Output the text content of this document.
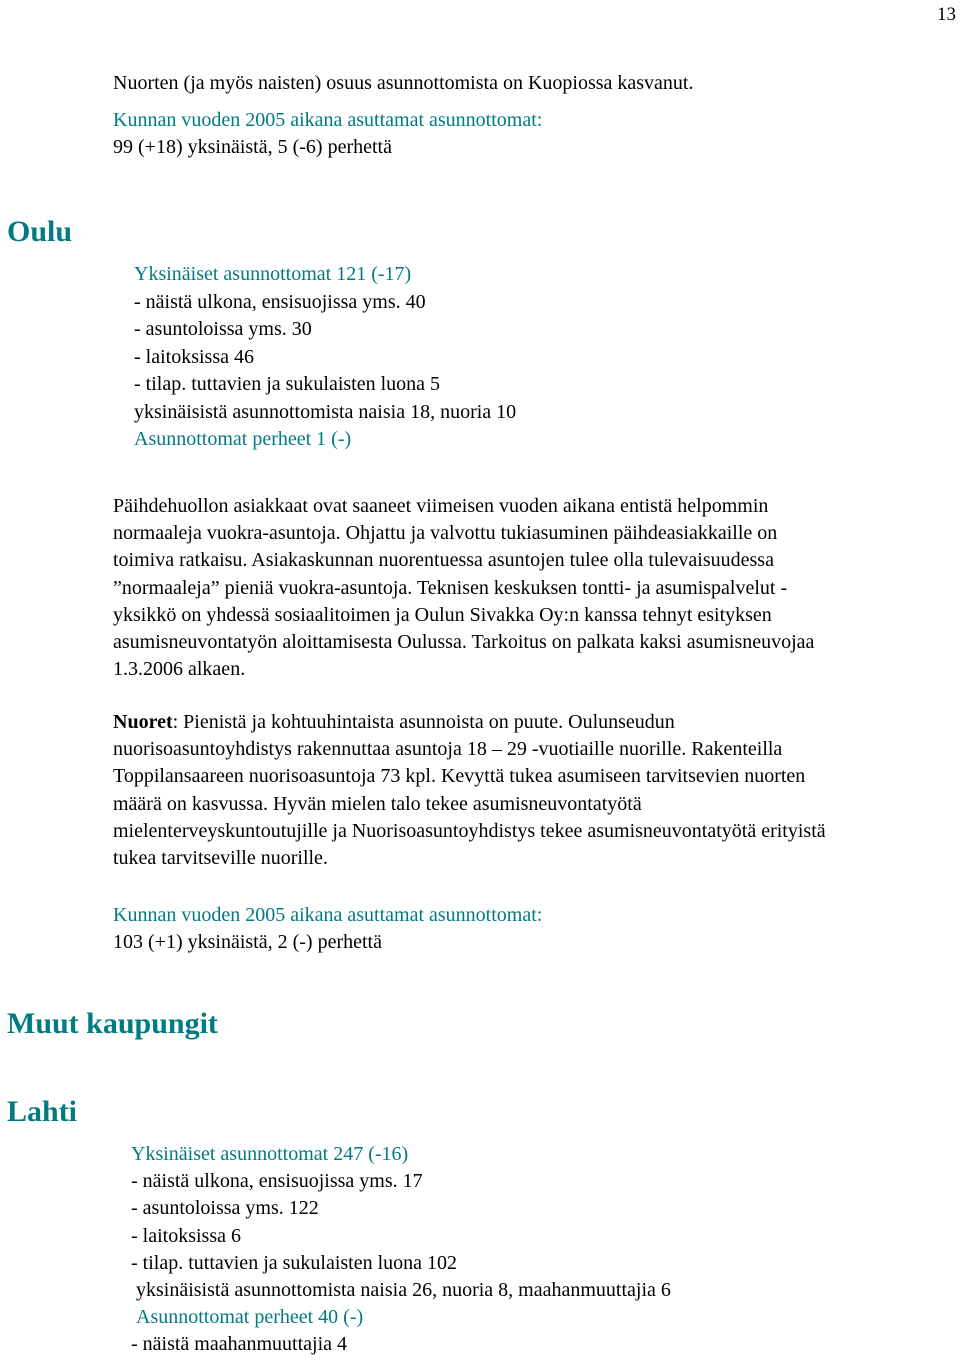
13
Nuorten (ja myös naisten) osuus asunnottomista on Kuopiossa kasvanut.
Kunnan vuoden 2005 aikana asuttamat asunnottomat:
99 (+18) yksinäistä, 5 (-6) perhettä
Oulu
Yksinäiset asunnottomat 121 (-17)
- näistä ulkona, ensisuojissa yms. 40
- asuntoloissa yms. 30
- laitoksissa 46
- tilap. tuttavien ja sukulaisten luona 5
yksinäisistä asunnottomista naisia 18, nuoria 10
Asunnottomat perheet 1 (-)
Päihdehuollon asiakkaat ovat saaneet viimeisen vuoden aikana entistä helpommin
normaaleja vuokra-asuntoja. Ohjattu ja valvottu tukiasuminen päihdeasiakkaille on
toimiva ratkaisu. Asiakaskunnan nuorentuessa asuntojen tulee olla tulevaisuudessa
”normaaleja” pieniä vuokra-asuntoja. Teknisen keskuksen tontti- ja asumispalvelut -
yksikkö on yhdessä sosiaalitoimen ja Oulun Sivakka Oy:n kanssa tehnyt esityksen
asumisneuvontatyön aloittamisesta Oulussa. Tarkoitus on palkata kaksi asumisneuvojaa
1.3.2006 alkaen.
Nuoret: Pienistä ja kohtuuhintaista asunnoista on puute. Oulunseudun
nuorisoasuntoyhdistys rakennuttaa asuntoja 18 – 29 -vuotiaille nuorille. Rakenteilla
Toppilansaareen nuorisoasuntoja 73 kpl. Kevyttä tukea asumiseen tarvitsevien nuorten
määrä on kasvussa. Hyvän mielen talo tekee asumisneuvontatyötä
mielenterveyskuntoutujille ja Nuorisoasuntoyhdistys tekee asumisneuvontatyötä erityistä
tukea tarvitseville nuorille.
Kunnan vuoden 2005 aikana asuttamat asunnottomat:
103 (+1) yksinäistä, 2 (-) perhettä
Muut kaupungit
Lahti
Yksinäiset asunnottomat 247 (-16)
- näistä ulkona, ensisuojissa yms. 17
- asuntoloissa yms. 122
- laitoksissa 6
- tilap. tuttavien ja sukulaisten luona 102
yksinäisistä asunnottomista naisia 26, nuoria 8, maahanmuuttajia 6
Asunnottomat perheet 40 (-)
- näistä maahanmuuttajia 4
